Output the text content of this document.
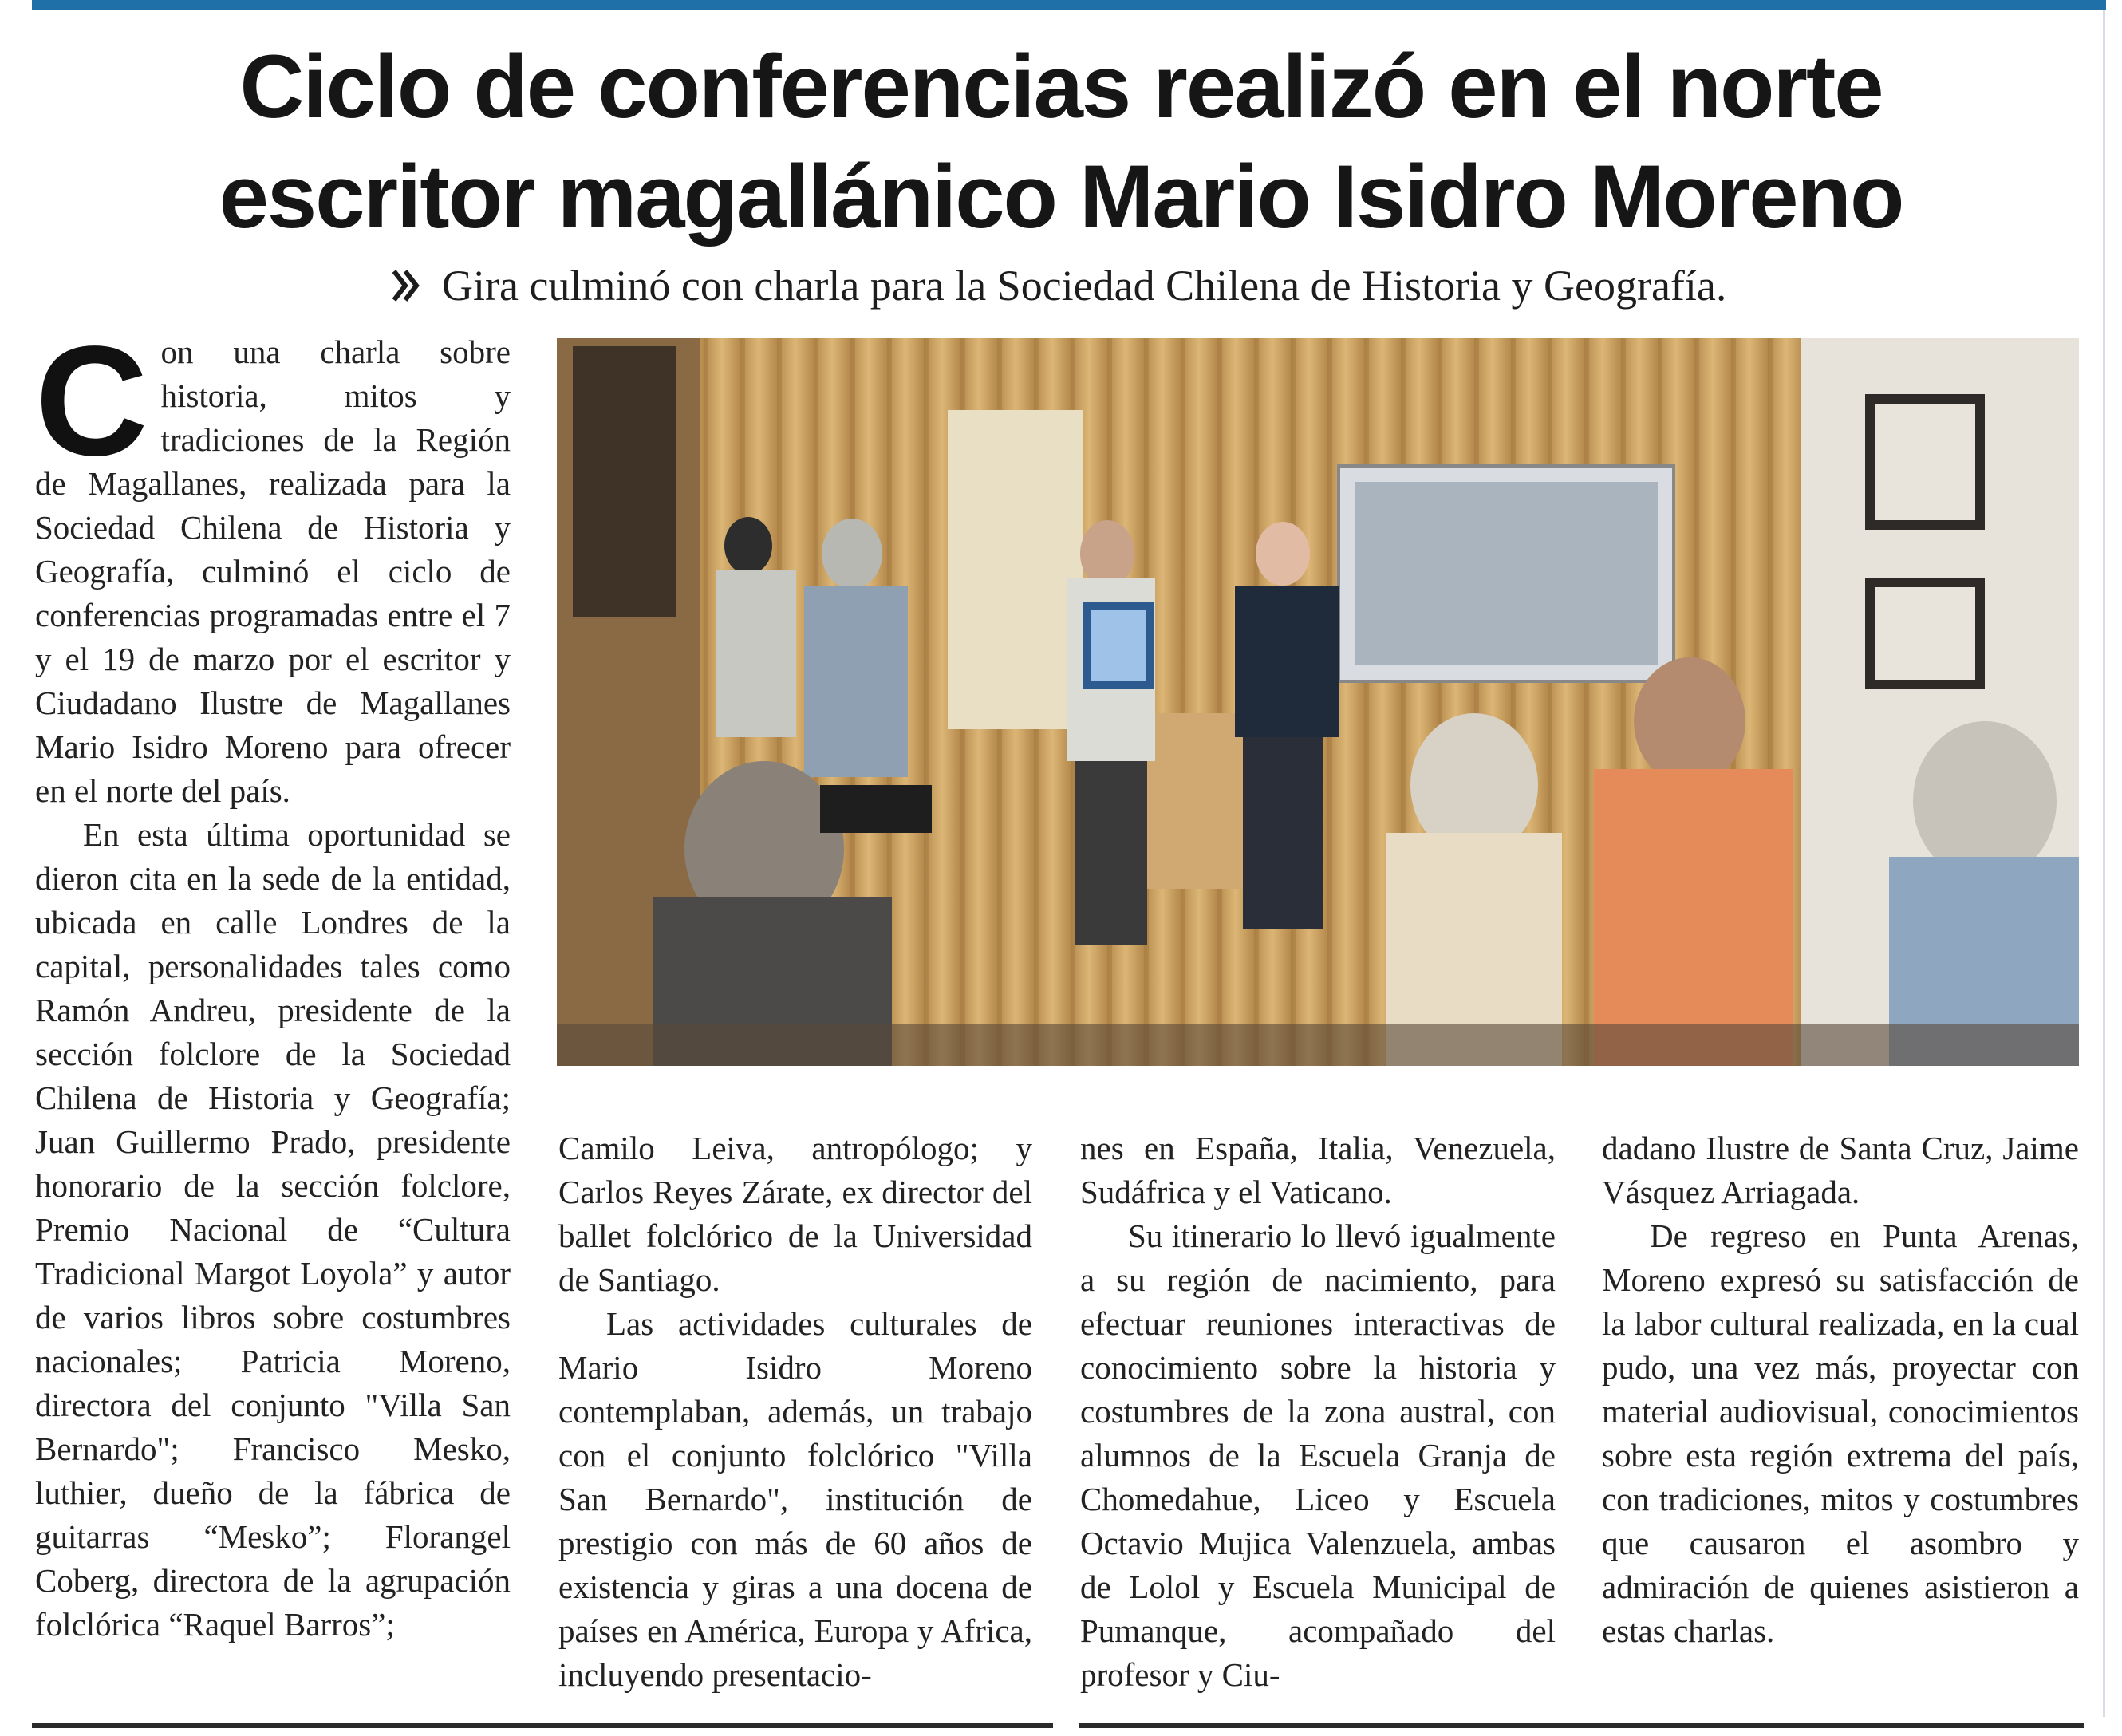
Ciclo de conferencias realizó en el norte
escritor magallánico Mario Isidro Moreno
Gira culminó con charla para la Sociedad Chilena de Historia y Geografía.

Con una charla sobre historia, mitos y tradiciones de la Región de Magallanes, realizada para la Sociedad Chilena de Historia y Geografía, culminó el ciclo de conferencias programadas entre el 7 y el 19 de marzo por el escritor y Ciudadano Ilustre de Magallanes Mario Isidro Moreno para ofrecer en el norte del país.

En esta última oportunidad se dieron cita en la sede de la entidad, ubicada en calle Londres de la capital, personalidades tales como Ramón Andreu, presidente de la sección folclore de la Sociedad Chilena de Historia y Geografía; Juan Guillermo Prado, presidente honorario de la sección folclore, Premio Nacional de “Cultura Tradicional Margot Loyola” y autor de varios libros sobre costumbres nacionales; Patricia Moreno, directora del conjunto "Villa San Bernardo"; Francisco Mesko, luthier, dueño de la fábrica de guitarras “Mesko”; Florangel Coberg, directora de la agrupación folclórica “Raquel Barros”;

Camilo Leiva, antropólogo; y Carlos Reyes Zárate, ex director del ballet folclórico de la Universidad de Santiago.

Las actividades culturales de Mario Isidro Moreno contemplaban, además, un trabajo con el conjunto folclórico "Villa San Bernardo", institución de prestigio con más de 60 años de existencia y giras a una docena de países en América, Europa y Africa, incluyendo presentacio-

nes en España, Italia, Venezuela, Sudáfrica y el Vaticano.

Su itinerario lo llevó igualmente a su región de nacimiento, para efectuar reuniones interactivas de conocimiento sobre la historia y costumbres de la zona austral, con alumnos de la Escuela Granja de Chomedahue, Liceo y Escuela Octavio Mujica Valenzuela, ambas de Lolol y Escuela Municipal de Pumanque, acompañado del profesor y Ciu-

dadano Ilustre de Santa Cruz, Jaime Vásquez Arriagada.

De regreso en Punta Arenas, Moreno expresó su satisfacción de la labor cultural realizada, en la cual pudo, una vez más, proyectar con material audiovisual, conocimientos sobre esta región extrema del país, con tradiciones, mitos y costumbres que causaron el asombro y admiración de quienes asistieron a estas charlas.
